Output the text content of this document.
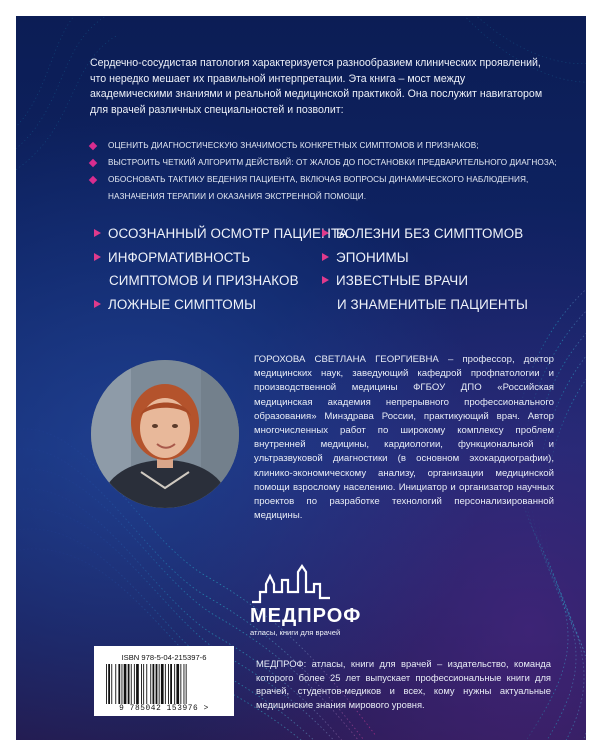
Сердечно-сосудистая патология характеризуется разнообразием клинических проявлений, что нередко мешает их правильной интерпретации. Эта книга – мост между академическими знаниями и реальной медицинской практикой. Она послужит навигатором для врачей различных специальностей и позволит:
ОЦЕНИТЬ ДИАГНОСТИЧЕСКУЮ ЗНАЧИМОСТЬ КОНКРЕТНЫХ СИМПТОМОВ И ПРИЗНАКОВ;
ВЫСТРОИТЬ ЧЕТКИЙ АЛГОРИТМ ДЕЙСТВИЙ: ОТ ЖАЛОБ ДО ПОСТАНОВКИ ПРЕДВАРИТЕЛЬНОГО ДИАГНОЗА;
ОБОСНОВАТЬ ТАКТИКУ ВЕДЕНИЯ ПАЦИЕНТА, ВКЛЮЧАЯ ВОПРОСЫ ДИНАМИЧЕСКОГО НАБЛЮДЕНИЯ,
НАЗНАЧЕНИЯ ТЕРАПИИ И ОКАЗАНИЯ ЭКСТРЕННОЙ ПОМОЩИ.
ОСОЗНАННЫЙ ОСМОТР ПАЦИЕНТА
ИНФОРМАТИВНОСТЬ
СИМПТОМОВ И ПРИЗНАКОВ
ЛОЖНЫЕ СИМПТОМЫ
БОЛЕЗНИ БЕЗ СИМПТОМОВ
ЭПОНИМЫ
ИЗВЕСТНЫЕ ВРАЧИ
И ЗНАМЕНИТЫЕ ПАЦИЕНТЫ
ГОРОХОВА СВЕТЛАНА ГЕОРГИЕВНА – профессор, доктор медицинских наук, заведующий кафедрой профпатологии и производственной медицины ФГБОУ ДПО «Российская медицинская академия непрерывного профессионального образования» Минздрава России, практикующий врач. Автор многочисленных работ по широкому комплексу проблем внутренней медицины, кардиологии, функциональной и ультразвуковой диагностики (в основном эхокардиографии), клинико-экономическому анализу, организации медицинской помощи взрослому населению. Инициатор и организатор научных проектов по разработке технологий персонализированной медицины.
МЕДПРОФ
атласы, книги для врачей
МЕДПРОФ: атласы, книги для врачей – издательство, команда которого более 25 лет выпускает профессиональные книги для врачей, студентов-медиков и всех, кому нужны актуальные медицинские знания мирового уровня.
ISBN 978-5-04-215397-6
9 785042 153976 >
